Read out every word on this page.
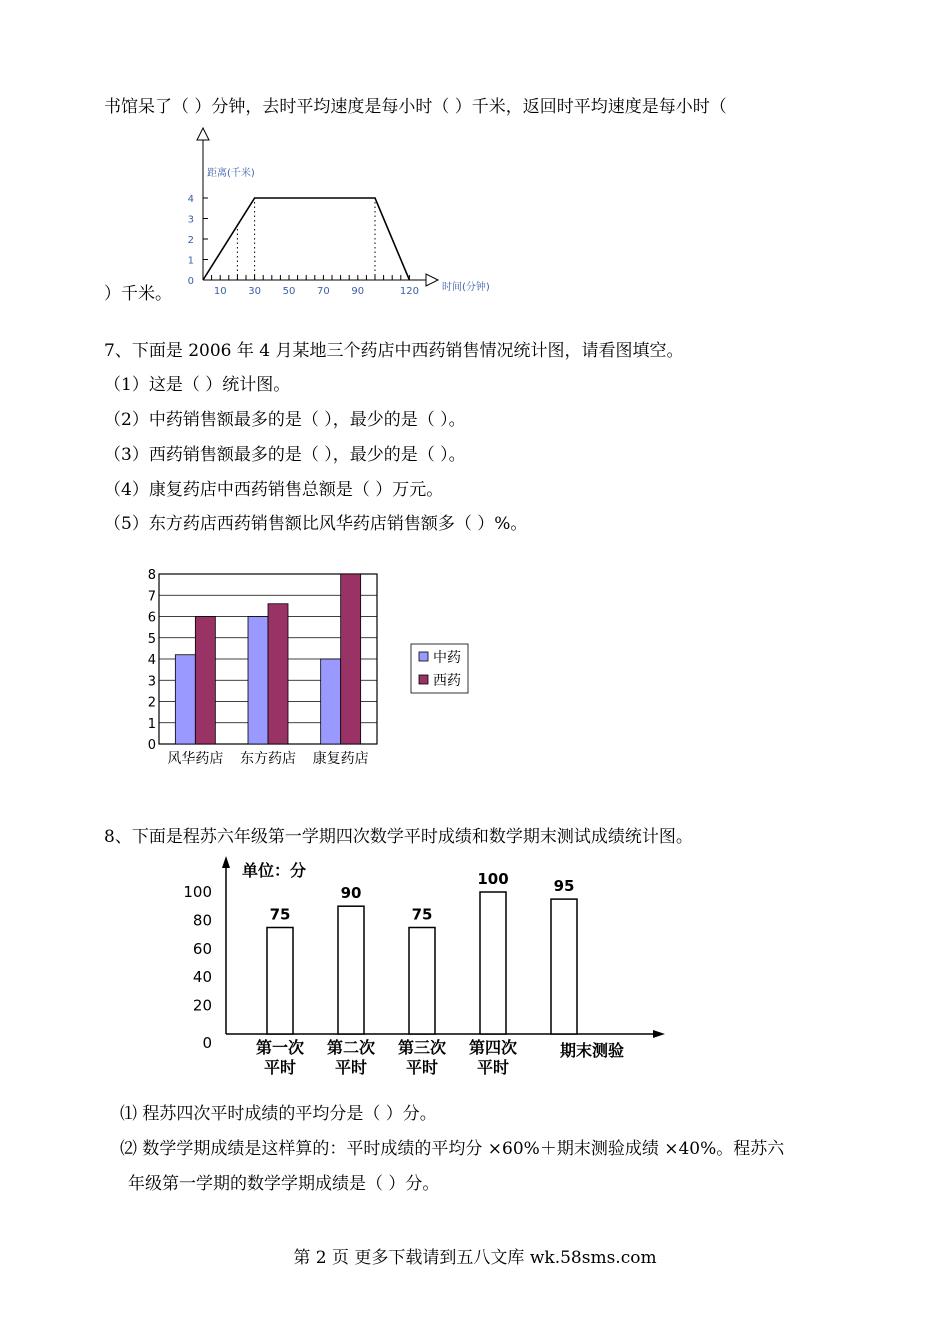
书馆呆了（ ）分钟，去时平均速度是每小时（ ）千米，返回时平均速度是每小时（
距离(千米)
时间(分钟)
0
1
2
3
4
10 30 50 70 90	120
）千米。
7、下面是 2006 年 4 月某地三个药店中西药销售情况统计图，请看图填空。
（1）这是（ ）统计图。
（2）中药销售额最多的是（ ），最少的是（ ）。
（3）西药销售额最多的是（ ），最少的是（ ）。
（4）康复药店中西药销售总额是（ ）万元。
（5）东方药店西药销售额比风华药店销售额多（ ）%。
0
1
2
3
4
5
6
7
8
风华药店 东方药店 康复药店
中药
西药
8、下面是程苏六年级第一学期四次数学平时成绩和数学期末测试成绩统计图。
单位：分
0
20
40
60
80
100
75
第一次
平时
90
第二次
平时
75
第三次
平时
100
第四次
平时
95
期末测验
⑴ 程苏四次平时成绩的平均分是（ ）分。
⑵ 数学学期成绩是这样算的：平时成绩的平均分 ×60%＋期末测验成绩 ×40%。程苏六
年级第一学期的数学学期成绩是（ ）分。
第 2 页 更多下载请到五八文库 wk.58sms.com
